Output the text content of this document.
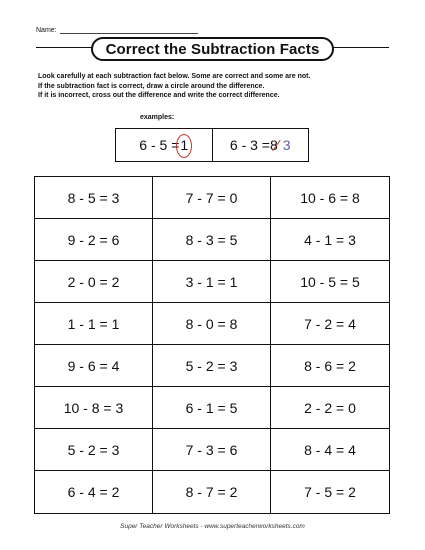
Name:
Correct the Subtraction Facts
Look carefully at each subtraction fact below. Some are correct and some are not.
If the subtraction fact is correct, draw a circle around the difference.
If it is incorrect, cross out the difference and write the correct difference.
examples:
6 - 5 = 1	6 - 3 = 8 3
8 - 5 = 3	7 - 7 = 0	10 - 6 = 8
9 - 2 = 6	8 - 3 = 5	4 - 1 = 3
2 - 0 = 2	3 - 1 = 1	10 - 5 = 5
1 - 1 = 1	8 - 0 = 8	7 - 2 = 4
9 - 6 = 4	5 - 2 = 3	8 - 6 = 2
10 - 8 = 3	6 - 1 = 5	2 - 2 = 0
5 - 2 = 3	7 - 3 = 6	8 - 4 = 4
6 - 4 = 2	8 - 7 = 2	7 - 5 = 2
Super Teacher Worksheets - www.superteacherworksheets.com
